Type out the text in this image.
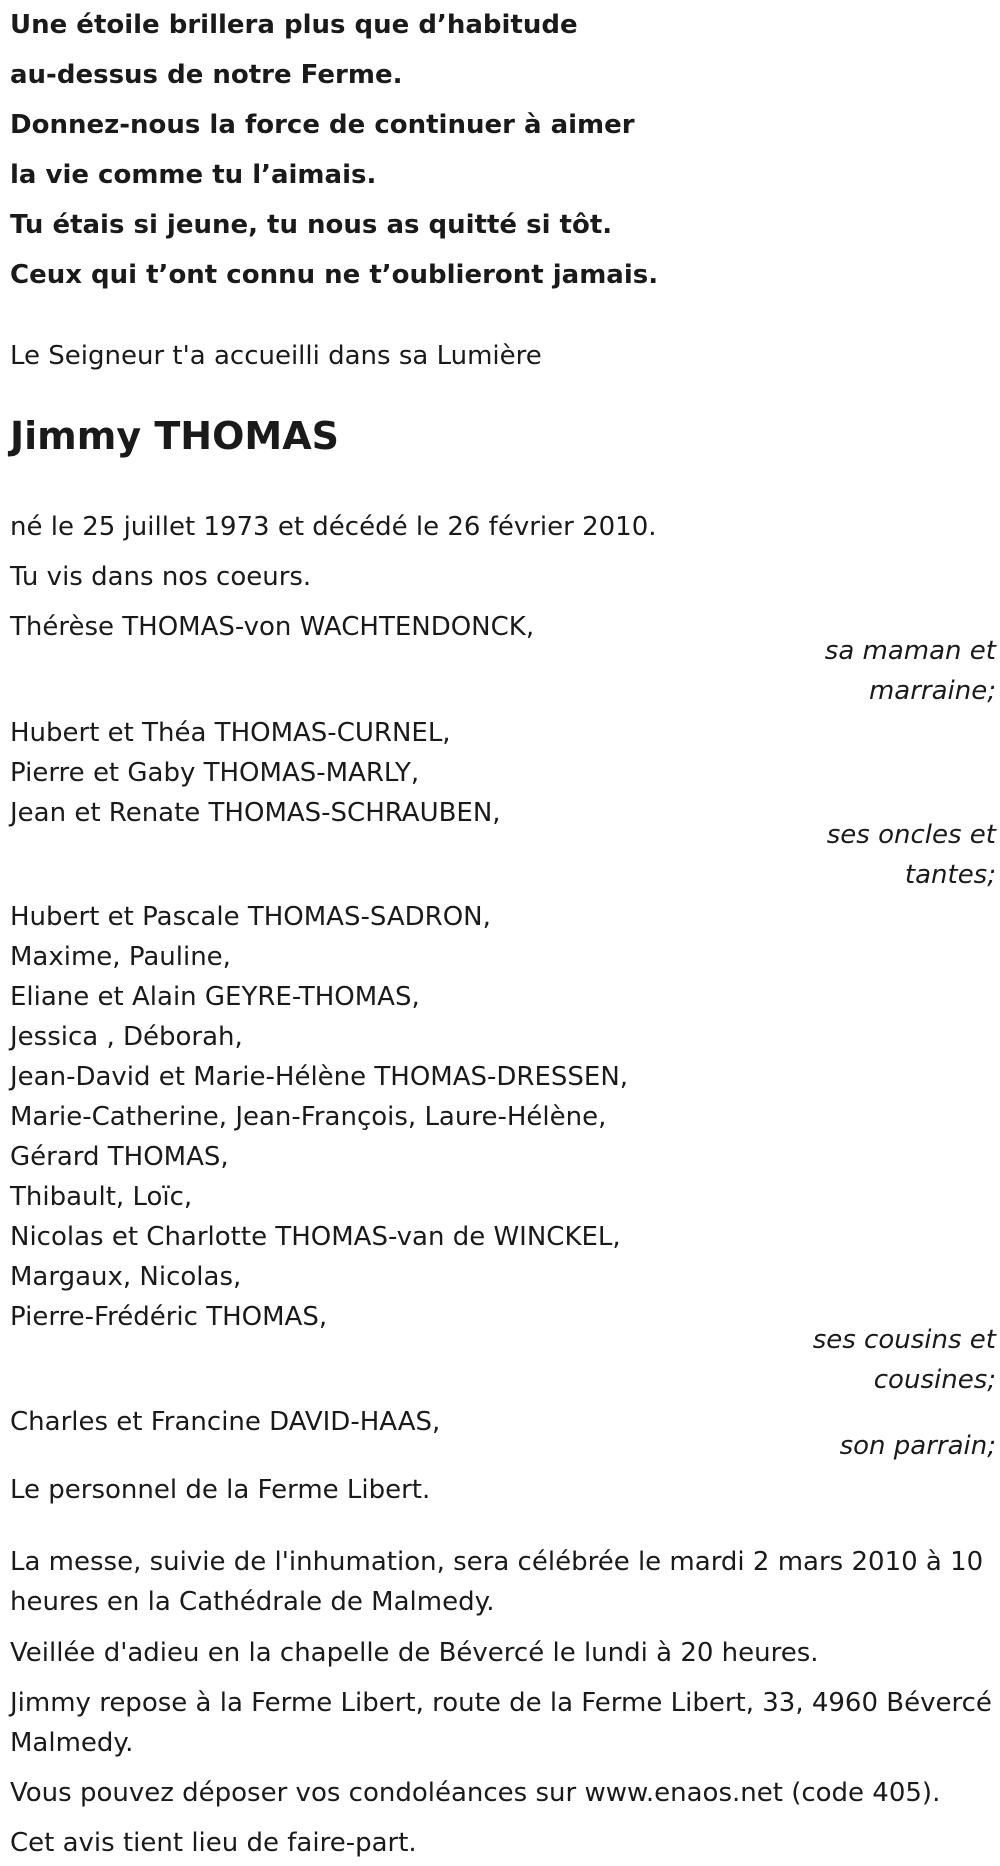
Une étoile brillera plus que d’habitude
au-dessus de notre Ferme.
Donnez-nous la force de continuer à aimer
la vie comme tu l’aimais.
Tu étais si jeune, tu nous as quitté si tôt.
Ceux qui t’ont connu ne t’oublieront jamais.
Le Seigneur t'a accueilli dans sa Lumière
Jimmy THOMAS
né le 25 juillet 1973 et décédé le 26 février 2010.
Tu vis dans nos coeurs.
Thérèse THOMAS-von WACHTENDONCK,
sa maman et
marraine;
Hubert et Théa THOMAS-CURNEL,
Pierre et Gaby THOMAS-MARLY,
Jean et Renate THOMAS-SCHRAUBEN,
ses oncles et
tantes;
Hubert et Pascale THOMAS-SADRON,
Maxime, Pauline,
Eliane et Alain GEYRE-THOMAS,
Jessica , Déborah,
Jean-David et Marie-Hélène THOMAS-DRESSEN,
Marie-Catherine, Jean-François, Laure-Hélène,
Gérard THOMAS,
Thibault, Loïc,
Nicolas et Charlotte THOMAS-van de WINCKEL,
Margaux, Nicolas,
Pierre-Frédéric THOMAS,
ses cousins et
cousines;
Charles et Francine DAVID-HAAS,
son parrain;
Le personnel de la Ferme Libert.
La messe, suivie de l'inhumation, sera célébrée le mardi 2 mars 2010 à 10 heures en la Cathédrale de Malmedy.
Veillée d'adieu en la chapelle de Bévercé le lundi à 20 heures.
Jimmy repose à la Ferme Libert, route de la Ferme Libert, 33, 4960 Bévercé Malmedy.
Vous pouvez déposer vos condoléances sur www.enaos.net (code 405).
Cet avis tient lieu de faire-part.
